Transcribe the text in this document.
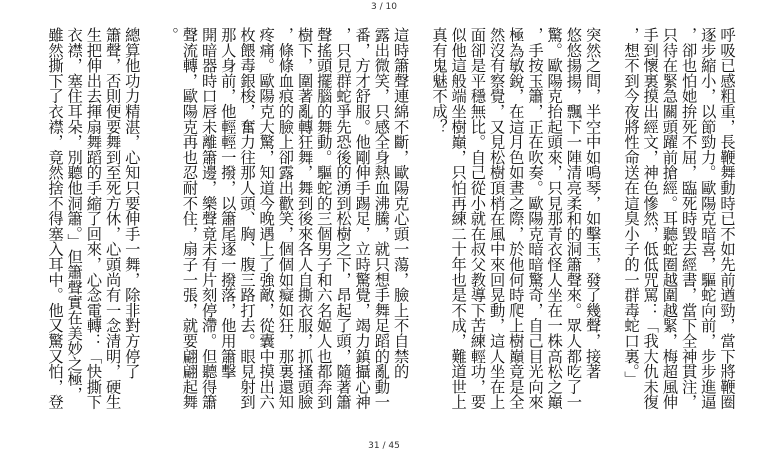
3 / 10
呼吸已感粗重，長鞭舞動時已不如先前遒勁，當下將鞭圈
逐步縮小，以節勁力。歐陽克暗喜，驅蛇向前，步步進逼
，卻也怕她拚死不屈，臨死時毀去經書，當下全神貫注，
只待在緊急關頭躍前搶經。耳聽蛇圈越圍越緊，梅超風伸
手到懷裏摸出經文，神色慘然，低低咒罵：「我大仇未復
，想不到今夜將性命送在這臭小子的一群毒蛇口裏。」
突然之間，半空中如鳴琴，如擊玉，發了幾聲，接著
悠悠揚揚，飄下一陣清亮柔和的洞簫聲來。眾人都吃了一
驚。歐陽克抬起頭來，只見那青衣怪人坐在一株高松之巔
，手按玉簫，正在吹奏。歐陽克暗暗驚奇，自己目光向來
極為敏銳，在這月色如晝之際，於他何時爬上樹巔竟是全
然沒有察覺，又見松樹頂梢在風中來回晃動，這人坐在上
面卻是平穩無比。自己從小就在叔父教導下苦練輕功，要
似他這般端坐樹巔，只怕再練二十年也是不成，難道世上
真有鬼魅不成？
這時簫聲連綿不斷，歐陽克心頭一蕩，臉上不自禁的
露出微笑，只感全身熱血沸騰，就只想手舞足蹈的亂動一
番，方才舒服。他剛伸手踢足，立時驚覺，竭力鎮攝心神
，只見群蛇爭先恐後的湧到松樹之下，昂起了頭，隨著簫
聲搖頭擺腦的舞動。驅蛇的三個男子和六名姬人也都奔到
樹下，圍著亂轉狂舞，舞到後來各人自撕衣服，抓搔頭臉
，條條血痕的臉上卻露出歡笑，個個如癡如狂，那裏還知
疼痛。歐陽克大驚，知道今晚遇上了強敵，從囊中摸出六
枚餵毒銀梭，奮力往那人頭、胸、腹三路打去。眼見射到
那人身前，他輕輕一撥，以簫尾逐一撥落，他用簫擊
開暗器時口唇未離簫邊，樂聲竟未有片刻停滯。但聽得簫
聲流轉，歐陽克再也忍耐不住，扇子一張，就要翩翩起舞
。
總算他功力精湛，心知只要伸手一舞，除非對方停了
簫聲，否則便要舞到至死方休，心頭尚有一念清明，硬生
生把伸出去揮扇舞蹈的手縮了回來，心念電轉：「快撕下
衣襟，塞住耳朵，別聽他洞簫。」但簫聲實在美妙之極，
雖然撕下了衣襟，竟然捨不得塞入耳中。他又驚又怕，登
31 / 45
